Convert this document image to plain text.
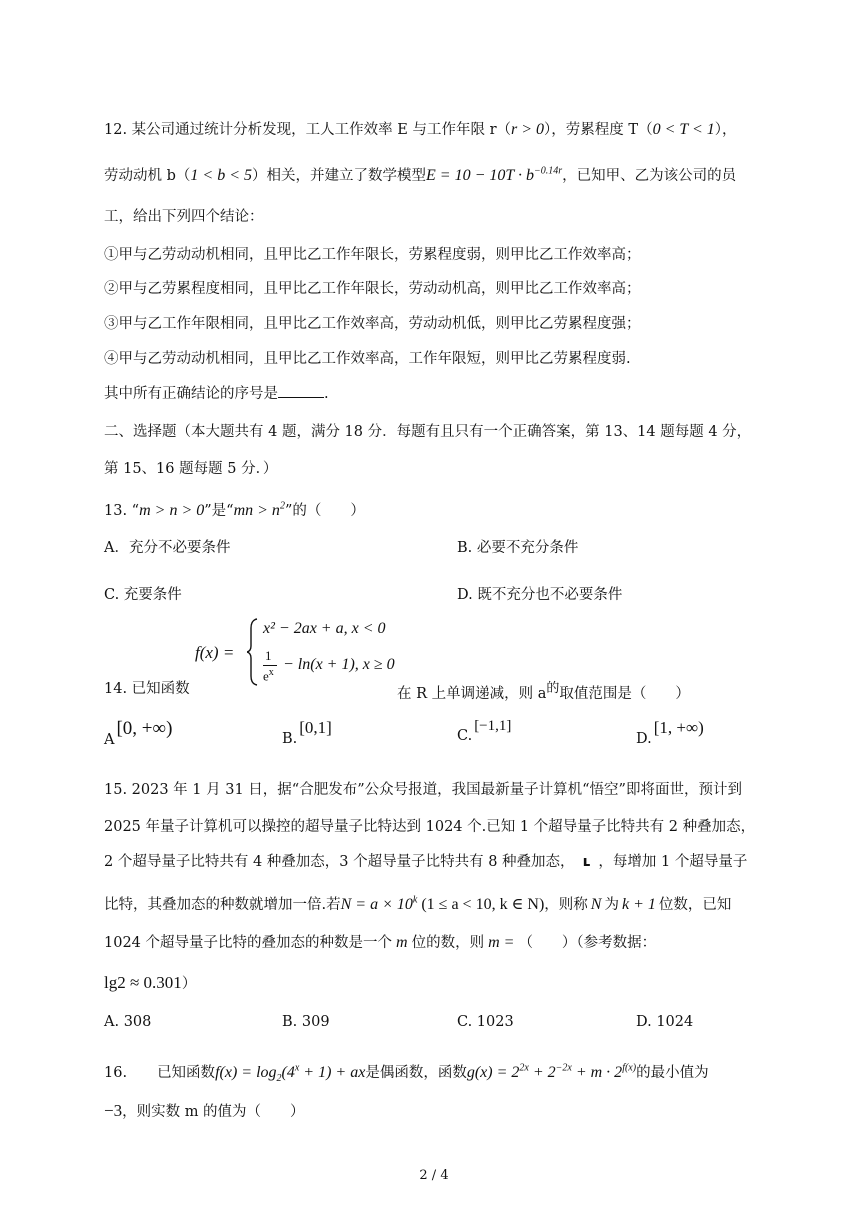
12. 某公司通过统计分析发现，工人工作效率 E 与工作年限 r（r > 0），劳累程度 T（0 < T < 1），
劳动动机 b（1 < b < 5）相关，并建立了数学模型$E = 10 - 10T \cdot b^{-0.14r}$，已知甲、乙为该公司的员
工，给出下列四个结论：
①甲与乙劳动动机相同，且甲比乙工作年限长，劳累程度弱，则甲比乙工作效率高；
②甲与乙劳累程度相同，且甲比乙工作年限长，劳动动机高，则甲比乙工作效率高；
③甲与乙工作年限相同，且甲比乙工作效率高，劳动动机低，则甲比乙劳累程度强；
④甲与乙劳动动机相同，且甲比乙工作效率高，工作年限短，则甲比乙劳累程度弱.
其中所有正确结论的序号是	.
二、选择题（本大题共有 4 题，满分 18 分．每题有且只有一个正确答案，第 13、14 题每题 4 分，
第 15、16 题每题 5 分．）
13. “m > n > 0”是“mn > $n^2$”的（　　）
A．充分不必要条件	B. 必要不充分条件
C. 充要条件	D. 既不充分也不必要条件
f(x) =
x² − 2ax + a, x < 0
1
$e^x - \ln(x + 1)$, x ≥ 0
14. 已知函数	在 R 上单调递减，则 $a^的$取值范围是（　　）
A[0, +∞)	B.[0,1]	C.[−1,1]
D.[1, +∞)
15. 2023 年 1 月 31 日，据“合肥发布”公众号报道，我国最新量子计算机“悟空”即将面世，预计到
2025 年量子计算机可以操控的超导量子比特达到 1024 个.已知 1 个超导量子比特共有 2 种叠加态，
2 个超导量子比特共有 4 种叠加态，3 个超导量子比特共有 8 种叠加态， ʟ ，每增加 1 个超导量子
比特，其叠加态的种数就增加一倍.若$N = a \times 10^k$ (1 ≤ a < 10, k ∈ N)，则称 N 为 k + 1 位数，已知
1024 个超导量子比特的叠加态的种数是一个 m 位的数，则 m = （　　）（参考数据：
lg2 ≈ 0.301）
A. 308	B. 309	C. 1023	D. 1024
16. 已知函数$f(x) = \log_2(4^x + 1)$ + ax是偶函数，函数$g(x) = 2^{2x} + 2^{-2x} + m \cdot 2^{f(x)}$的最小值为
−3，则实数 m 的值为（　　）
2 / 4
